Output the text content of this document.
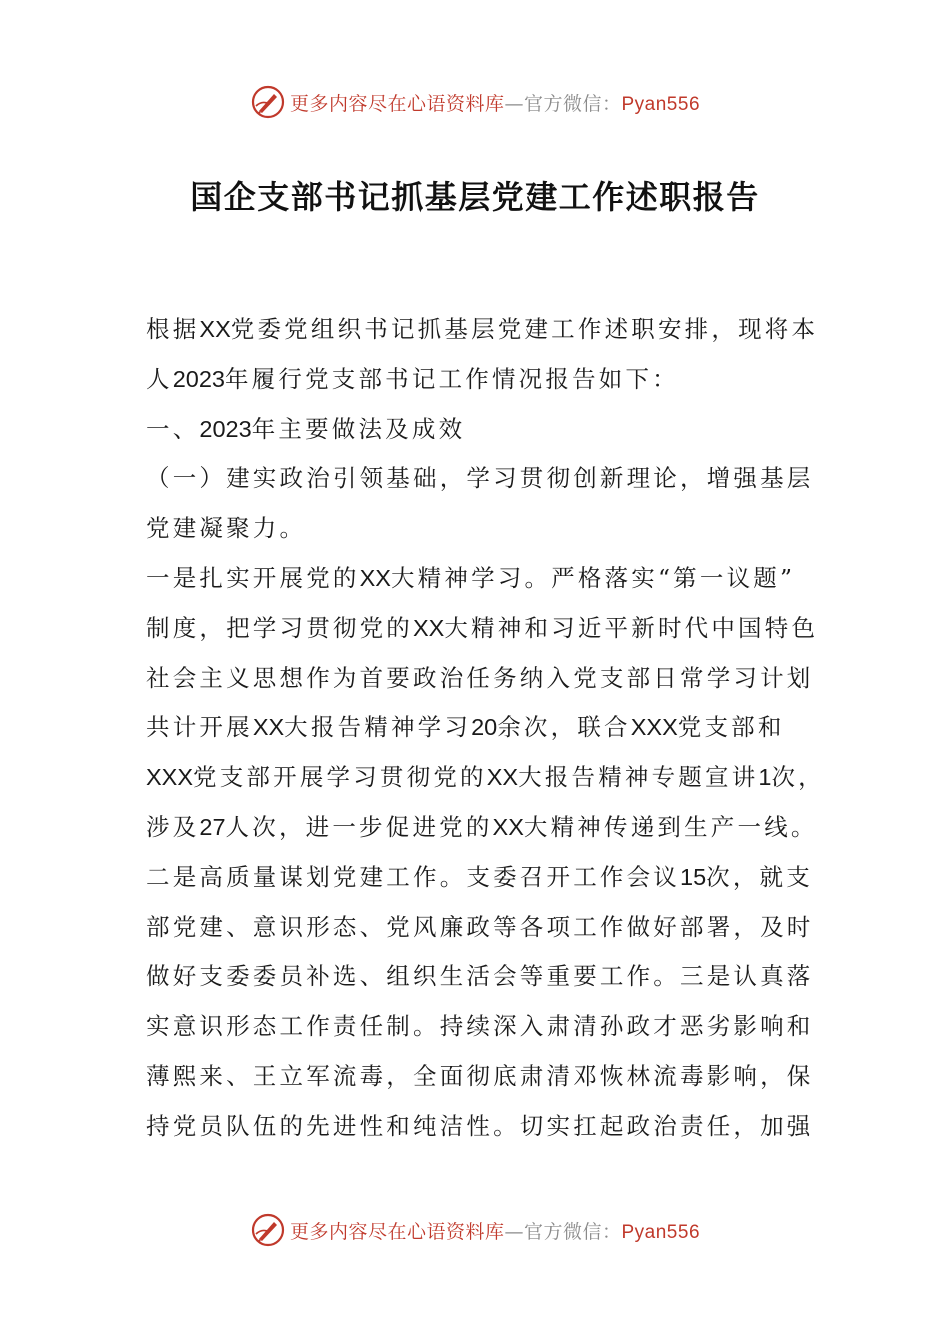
更多内容尽在心语资料库—官方微信：Pyan556
国企支部书记抓基层党建工作述职报告
根据XX党委党组织书记抓基层党建工作述职安排，现将本
人2023年履行党支部书记工作情况报告如下：
一、2023年主要做法及成效
（一）建实政治引领基础，学习贯彻创新理论，增强基层
党建凝聚力。
一是扎实开展党的XX大精神学习。严格落实“第一议题”
制度，把学习贯彻党的XX大精神和习近平新时代中国特色
社会主义思想作为首要政治任务纳入党支部日常学习计划
共计开展XX大报告精神学习20余次，联合XXX党支部和
XXX党支部开展学习贯彻党的XX大报告精神专题宣讲1次，
涉及27人次，进一步促进党的XX大精神传递到生产一线。
二是高质量谋划党建工作。支委召开工作会议15次，就支
部党建、意识形态、党风廉政等各项工作做好部署，及时
做好支委委员补选、组织生活会等重要工作。三是认真落
实意识形态工作责任制。持续深入肃清孙政才恶劣影响和
薄熙来、王立军流毒，全面彻底肃清邓恢林流毒影响，保
持党员队伍的先进性和纯洁性。切实扛起政治责任，加强
更多内容尽在心语资料库—官方微信：Pyan556
